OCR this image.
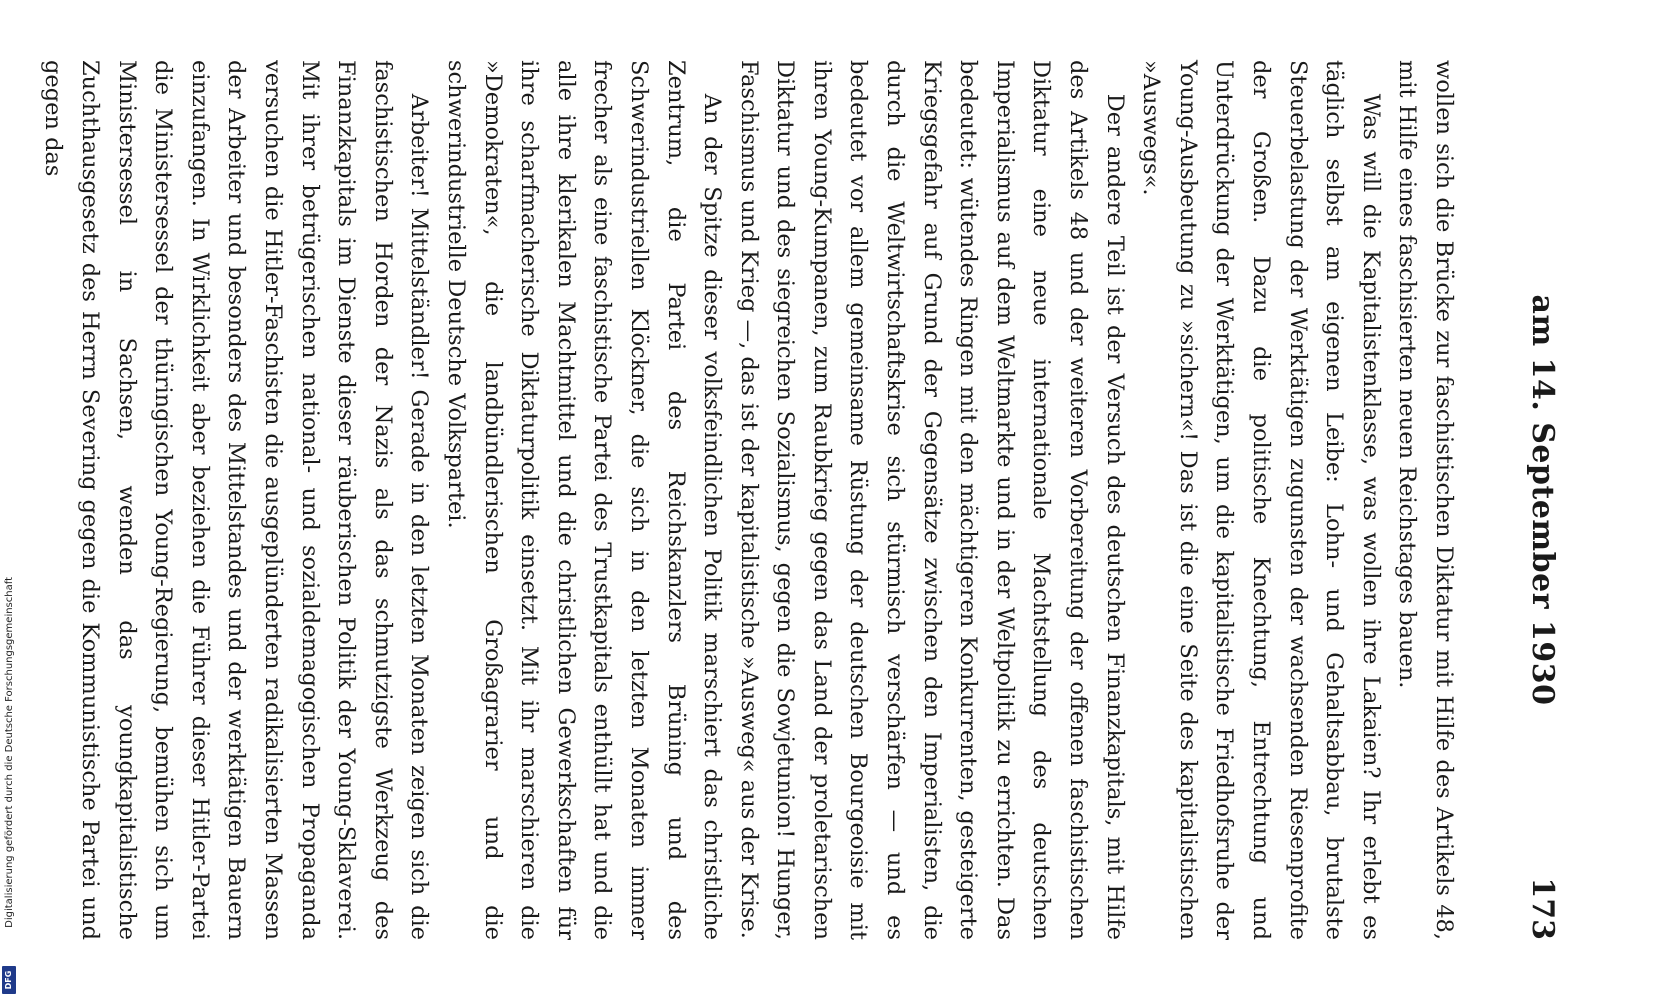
am 14. September 1930
173

wollen sich die Brücke zur faschistischen Diktatur mit Hilfe des Artikels 48, mit Hilfe eines faschisierten neuen Reichstages bauen.

Was will die Kapitalistenklasse, was wollen ihre Lakaien? Ihr erlebt es täglich selbst am eigenen Leibe: Lohn- und Gehaltsabbau, brutalste Steuerbelastung der Werktätigen zugunsten der wachsenden Riesenprofite der Großen. Dazu die politische Knechtung, Entrechtung und Unterdrückung der Werktätigen, um die kapitalistische Friedhofsruhe der Young-Ausbeutung zu »sichern«! Das ist die eine Seite des kapitalistischen »Auswegs«.

Der andere Teil ist der Versuch des deutschen Finanzkapitals, mit Hilfe des Artikels 48 und der weiteren Vorbereitung der offenen faschistischen Diktatur eine neue internationale Machtstellung des deutschen Imperialismus auf dem Weltmarkte und in der Weltpolitik zu errichten. Das bedeutet: wütendes Ringen mit den mächtigeren Konkurrenten, gesteigerte Kriegsgefahr auf Grund der Gegensätze zwischen den Imperialisten, die durch die Weltwirtschaftskrise sich stürmisch verschärfen — und es bedeutet vor allem gemeinsame Rüstung der deutschen Bourgeoisie mit ihren Young-Kumpanen, zum Raubkrieg gegen das Land der proletarischen Diktatur und des siegreichen Sozialismus, gegen die Sowjetunion! Hunger, Faschismus und Krieg —, das ist der kapitalistische »Ausweg« aus der Krise.

An der Spitze dieser volksfeindlichen Politik marschiert das christliche Zentrum, die Partei des Reichskanzlers Brüning und des Schwerindustriellen Klöckner, die sich in den letzten Monaten immer frecher als eine faschistische Partei des Trustkapitals enthüllt hat und die alle ihre klerikalen Machtmittel und die christlichen Gewerkschaften für ihre scharfmacherische Diktaturpolitik einsetzt. Mit ihr marschieren die »Demokraten«, die landbündlerischen Großagrarier und die schwerindustrielle Deutsche Volkspartei.

Arbeiter! Mittelständler! Gerade in den letzten Monaten zeigen sich die faschistischen Horden der Nazis als das schmutzigste Werkzeug des Finanzkapitals im Dienste dieser räuberischen Politik der Young-Sklaverei. Mit ihrer betrügerischen national- und sozialdemagogischen Propaganda versuchen die Hitler-Faschisten die ausgeplünderten radikalisierten Massen der Arbeiter und besonders des Mittelstandes und der werktätigen Bauern einzufangen. In Wirklichkeit aber beziehen die Führer dieser Hitler-Partei die Ministersessel der thüringischen Young-Regierung, bemühen sich um Ministersessel in Sachsen, wenden das youngkapitalistische Zuchthausgesetz des Herrn Severing gegen die Kommunistische Partei und gegen das

Digitalisierung gefördert durch die Deutsche Forschungsgemeinschaft
DFG
